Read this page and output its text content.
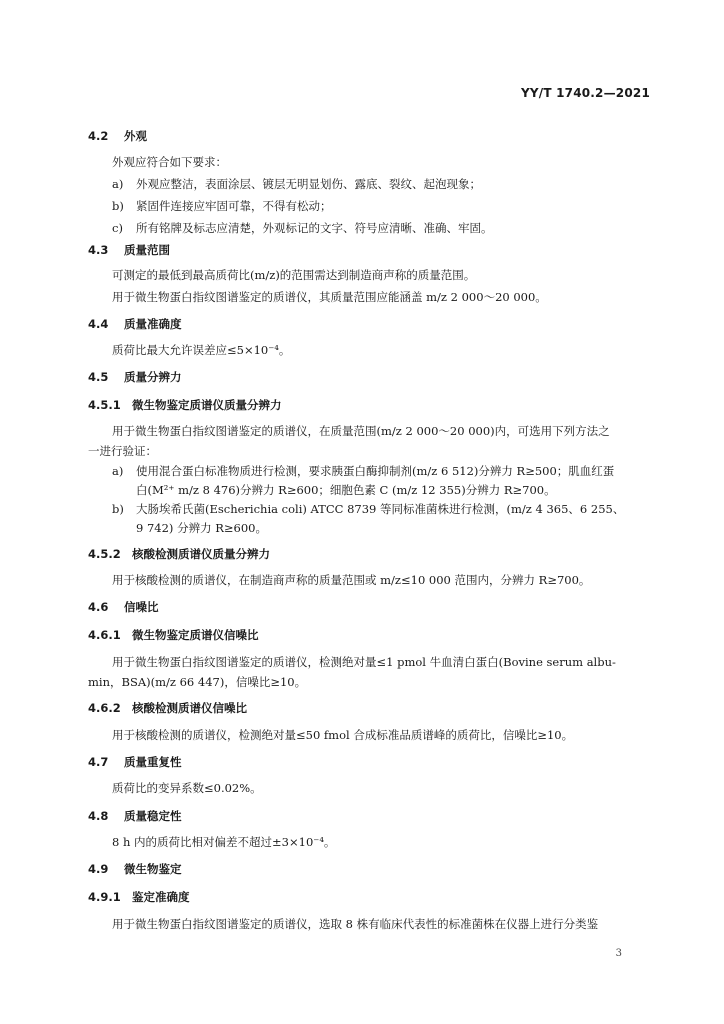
YY/T 1740.2—2021
4.2 外观
外观应符合如下要求：
a) 外观应整洁，表面涂层、镀层无明显划伤、露底、裂纹、起泡现象；
b) 紧固件连接应牢固可靠，不得有松动；
c) 所有铭牌及标志应清楚，外观标记的文字、符号应清晰、准确、牢固。
4.3 质量范围
可测定的最低到最高质荷比(m/z)的范围需达到制造商声称的质量范围。
用于微生物蛋白指纹图谱鉴定的质谱仪，其质量范围应能涵盖 m/z 2 000～20 000。
4.4 质量准确度
质荷比最大允许误差应≤5×10⁻⁴。
4.5 质量分辨力
4.5.1 微生物鉴定质谱仪质量分辨力
用于微生物蛋白指纹图谱鉴定的质谱仪，在质量范围(m/z 2 000～20 000)内，可选用下列方法之
一进行验证：
a) 使用混合蛋白标准物质进行检测，要求胰蛋白酶抑制剂(m/z 6 512)分辨力 R≥500；肌血红蛋
白(M²⁺ m/z 8 476)分辨力 R≥600；细胞色素 C (m/z 12 355)分辨力 R≥700。
b) 大肠埃希氏菌(Escherichia coli) ATCC 8739 等同标准菌株进行检测，(m/z 4 365、6 255、
9 742) 分辨力 R≥600。
4.5.2 核酸检测质谱仪质量分辨力
用于核酸检测的质谱仪，在制造商声称的质量范围或 m/z≤10 000 范围内，分辨力 R≥700。
4.6 信噪比
4.6.1 微生物鉴定质谱仪信噪比
用于微生物蛋白指纹图谱鉴定的质谱仪，检测绝对量≤1 pmol 牛血清白蛋白(Bovine serum albu-
min，BSA)(m/z 66 447)，信噪比≥10。
4.6.2 核酸检测质谱仪信噪比
用于核酸检测的质谱仪，检测绝对量≤50 fmol 合成标准品质谱峰的质荷比，信噪比≥10。
4.7 质量重复性
质荷比的变异系数≤0.02%。
4.8 质量稳定性
8 h 内的质荷比相对偏差不超过±3×10⁻⁴。
4.9 微生物鉴定
4.9.1 鉴定准确度
用于微生物蛋白指纹图谱鉴定的质谱仪，选取 8 株有临床代表性的标准菌株在仪器上进行分类鉴
3
